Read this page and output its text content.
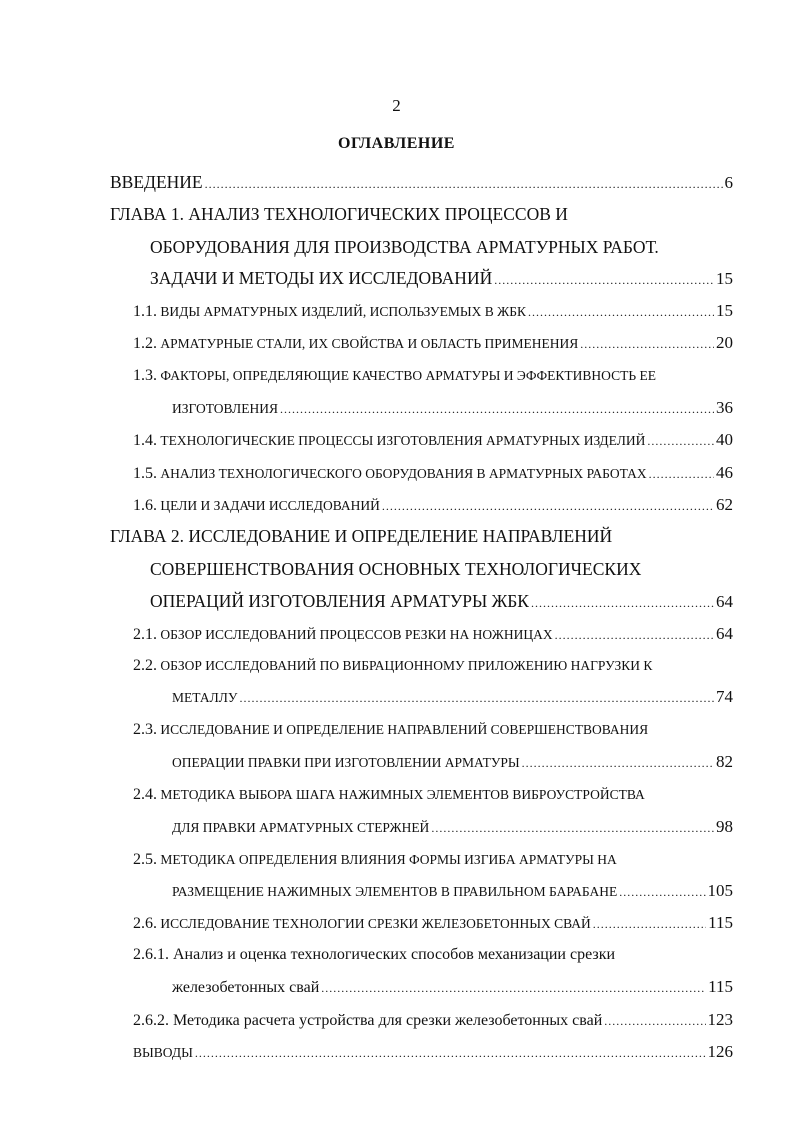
2
ОГЛАВЛЕНИЕ
ВВЕДЕНИЕ .....	6
ГЛАВА 1. АНАЛИЗ ТЕХНОЛОГИЧЕСКИХ ПРОЦЕССОВ И
ОБОРУДОВАНИЯ ДЛЯ ПРОИЗВОДСТВА АРМАТУРНЫХ РАБОТ.
ЗАДАЧИ И МЕТОДЫ ИХ ИССЛЕДОВАНИЙ .....	15
1.1. ВИДЫ АРМАТУРНЫХ ИЗДЕЛИЙ, ИСПОЛЬЗУЕМЫХ В ЖБК .....	15
1.2. АРМАТУРНЫЕ СТАЛИ, ИХ СВОЙСТВА И ОБЛАСТЬ ПРИМЕНЕНИЯ .....	20
1.3. ФАКТОРЫ, ОПРЕДЕЛЯЮЩИЕ КАЧЕСТВО АРМАТУРЫ И ЭФФЕКТИВНОСТЬ ЕЕ
ИЗГОТОВЛЕНИЯ .....	36
1.4. ТЕХНОЛОГИЧЕСКИЕ ПРОЦЕССЫ ИЗГОТОВЛЕНИЯ АРМАТУРНЫХ ИЗДЕЛИЙ .....	40
1.5. АНАЛИЗ ТЕХНОЛОГИЧЕСКОГО ОБОРУДОВАНИЯ В АРМАТУРНЫХ РАБОТАХ .....	46
1.6. ЦЕЛИ И ЗАДАЧИ ИССЛЕДОВАНИЙ .....	62
ГЛАВА 2. ИССЛЕДОВАНИЕ И ОПРЕДЕЛЕНИЕ НАПРАВЛЕНИЙ
СОВЕРШЕНСТВОВАНИЯ ОСНОВНЫХ ТЕХНОЛОГИЧЕСКИХ
ОПЕРАЦИЙ ИЗГОТОВЛЕНИЯ АРМАТУРЫ ЖБК .....	64
2.1. ОБЗОР ИССЛЕДОВАНИЙ ПРОЦЕССОВ РЕЗКИ НА НОЖНИЦАХ .....	64
2.2. ОБЗОР ИССЛЕДОВАНИЙ ПО ВИБРАЦИОННОМУ ПРИЛОЖЕНИЮ НАГРУЗКИ К
МЕТАЛЛУ .....	74
2.3. ИССЛЕДОВАНИЕ И ОПРЕДЕЛЕНИЕ НАПРАВЛЕНИЙ СОВЕРШЕНСТВОВАНИЯ
ОПЕРАЦИИ ПРАВКИ ПРИ ИЗГОТОВЛЕНИИ АРМАТУРЫ .....	82
2.4. МЕТОДИКА ВЫБОРА ШАГА НАЖИМНЫХ ЭЛЕМЕНТОВ ВИБРОУСТРОЙСТВА
ДЛЯ ПРАВКИ АРМАТУРНЫХ СТЕРЖНЕЙ .....	98
2.5. МЕТОДИКА ОПРЕДЕЛЕНИЯ ВЛИЯНИЯ ФОРМЫ ИЗГИБА АРМАТУРЫ НА
РАЗМЕЩЕНИЕ НАЖИМНЫХ ЭЛЕМЕНТОВ В ПРАВИЛЬНОМ БАРАБАНЕ .....	105
2.6. ИССЛЕДОВАНИЕ ТЕХНОЛОГИИ СРЕЗКИ ЖЕЛЕЗОБЕТОННЫХ СВАЙ .....	115
2.6.1. Анализ и оценка технологических способов механизации срезки
железобетонных свай .....	115
2.6.2. Методика расчета устройства для срезки железобетонных свай .....	123
ВЫВОДЫ .....	126
